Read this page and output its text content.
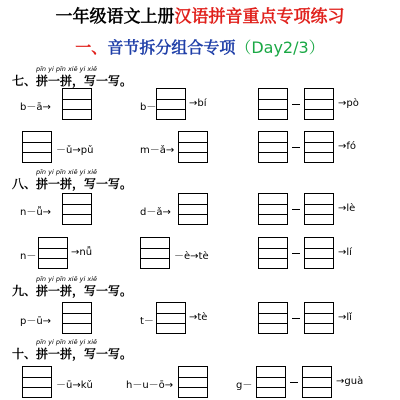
一年级语文上册汉语拼音重点专项练习
一、音节拆分组合专项（Day2/3）
pīn yi pīn xiě yi xiě
七、拼一拼，写一写。
b－ā→	b－	→bí	→pò
－ǔ→pǔ	m－ǎ→	→fó
pīn yi pīn xiě yi xiě
八、拼一拼，写一写。
n－ǚ→	d－ǎ→	→lè
n－	→nǚ	－è→tè	→lí
pīn yi pīn xiě yi xiě
九、拼一拼，写一写。
p－ū→	t－	→tè	→lǐ
pīn yi pīn xiě yi xiě
十、拼一拼，写一写。
－ū→kǔ	h－u－ō→	g－	→guà
